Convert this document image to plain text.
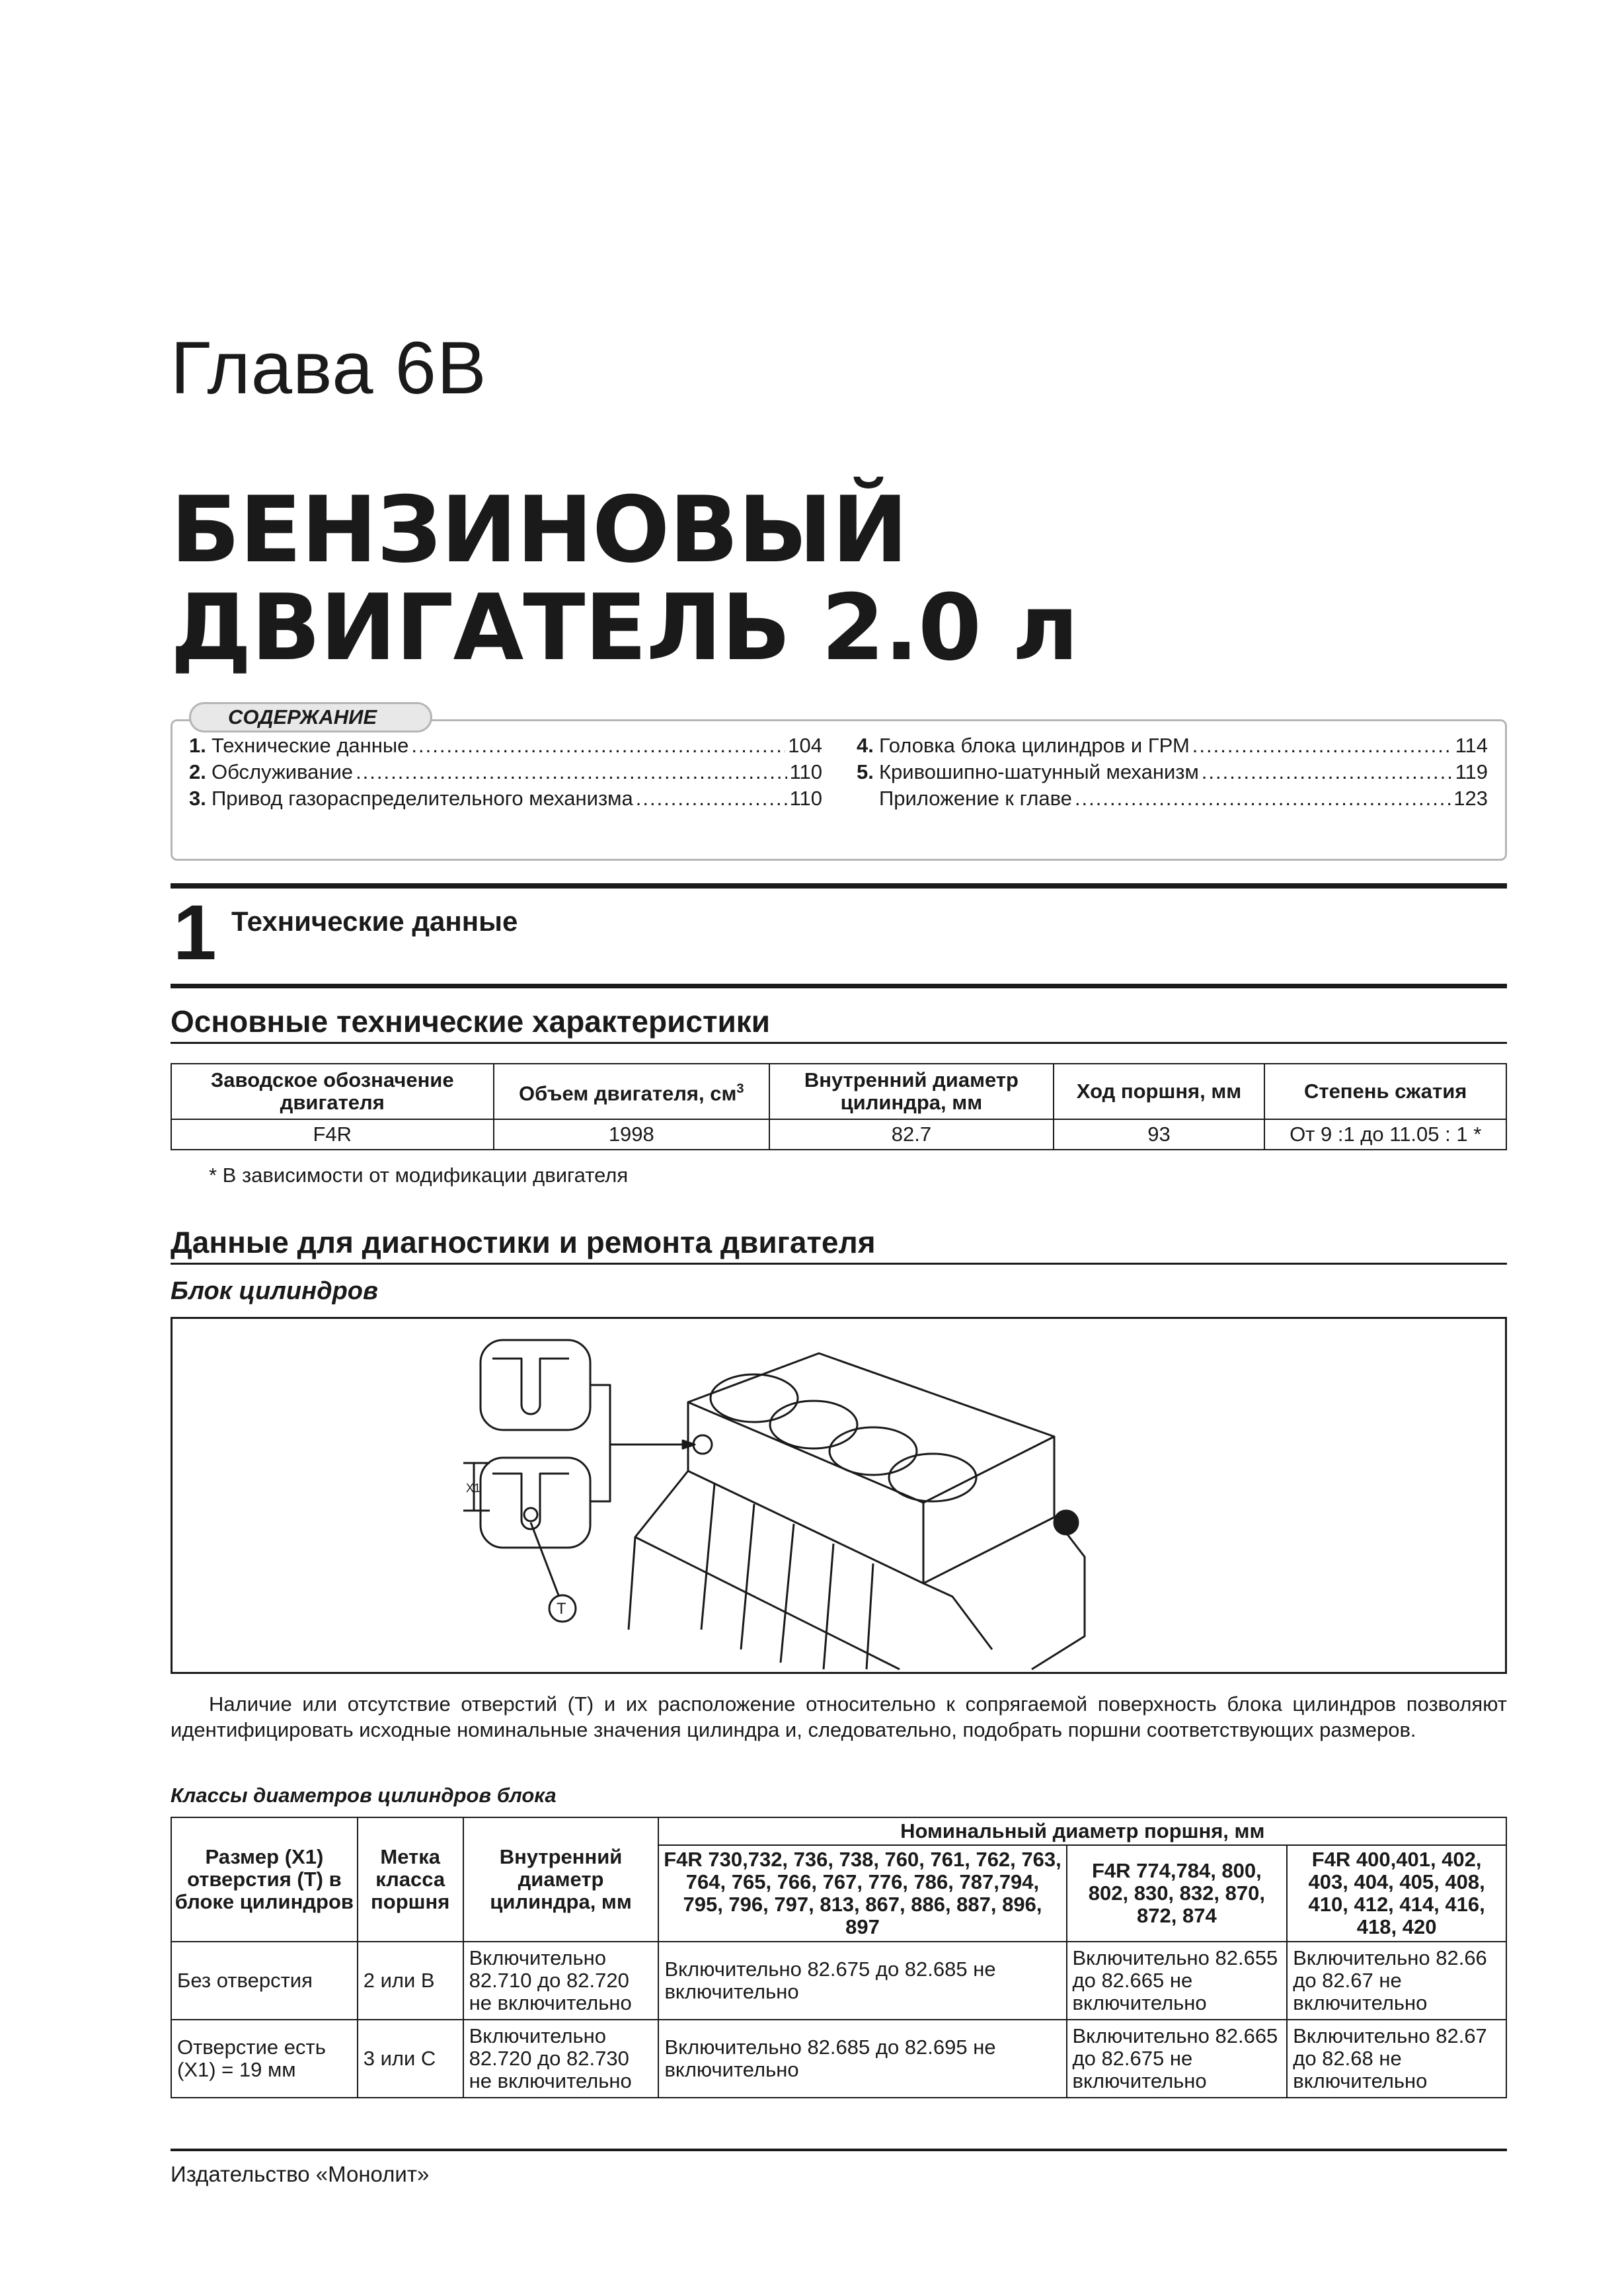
Глава 6В
БЕНЗИНОВЫЙ
ДВИГАТЕЛЬ 2.0 л
СОДЕРЖАНИЕ
1. Технические данные .....	104
2. Обслуживание .....	110
3. Привод газораспределительного механизма .....	110
4. Головка блока цилиндров и ГРМ .....	114
5. Кривошипно-шатунный механизм .....	119
Приложение к главе .....	123
1 Технические данные
Основные технические характеристики
Заводское обозначение двигателя	Объем двигателя, $см^3$	Внутренний диаметр цилиндра, мм	Ход поршня, мм	Степень сжатия
F4R	1998	82.7	93	От 9 :1 до 11.05 : 1 *
* В зависимости от модификации двигателя
Данные для диагностики и ремонта двигателя
Блок цилиндров
X1
T
Наличие или отсутствие отверстий (T) и их расположение относительно к сопрягаемой поверхность блока цилиндров позволяют идентифицировать исходные номинальные значения цилиндра и, следовательно, подобрать поршни соответствующих размеров.
Классы диаметров цилиндров блока
Размер (X1) отверстия (T) в блоке цилиндров	Метка класса поршня	Внутренний диаметр цилиндра, мм	Номинальный диаметр поршня, мм		
			F4R 730,732, 736, 738, 760, 761, 762, 763, 764, 765, 766, 767, 776, 786, 787,794, 795, 796, 797, 813, 867, 886, 887, 896, 897	F4R 774,784, 800, 802, 830, 832, 870, 872, 874	F4R 400,401, 402, 403, 404, 405, 408, 410, 412, 414, 416, 418, 420
Без отверстия	2 или В	Включительно 82.710 до 82.720 не включительно	Включительно 82.675 до 82.685 не включительно	Включительно 82.655 до 82.665 не включительно	Включительно 82.66 до 82.67 не включительно
Отверстие есть (X1) = 19 мм	3 или С	Включительно 82.720 до 82.730 не включительно	Включительно 82.685 до 82.695 не включительно	Включительно 82.665 до 82.675 не включительно	Включительно 82.67 до 82.68 не включительно
Издательство «Монолит»
